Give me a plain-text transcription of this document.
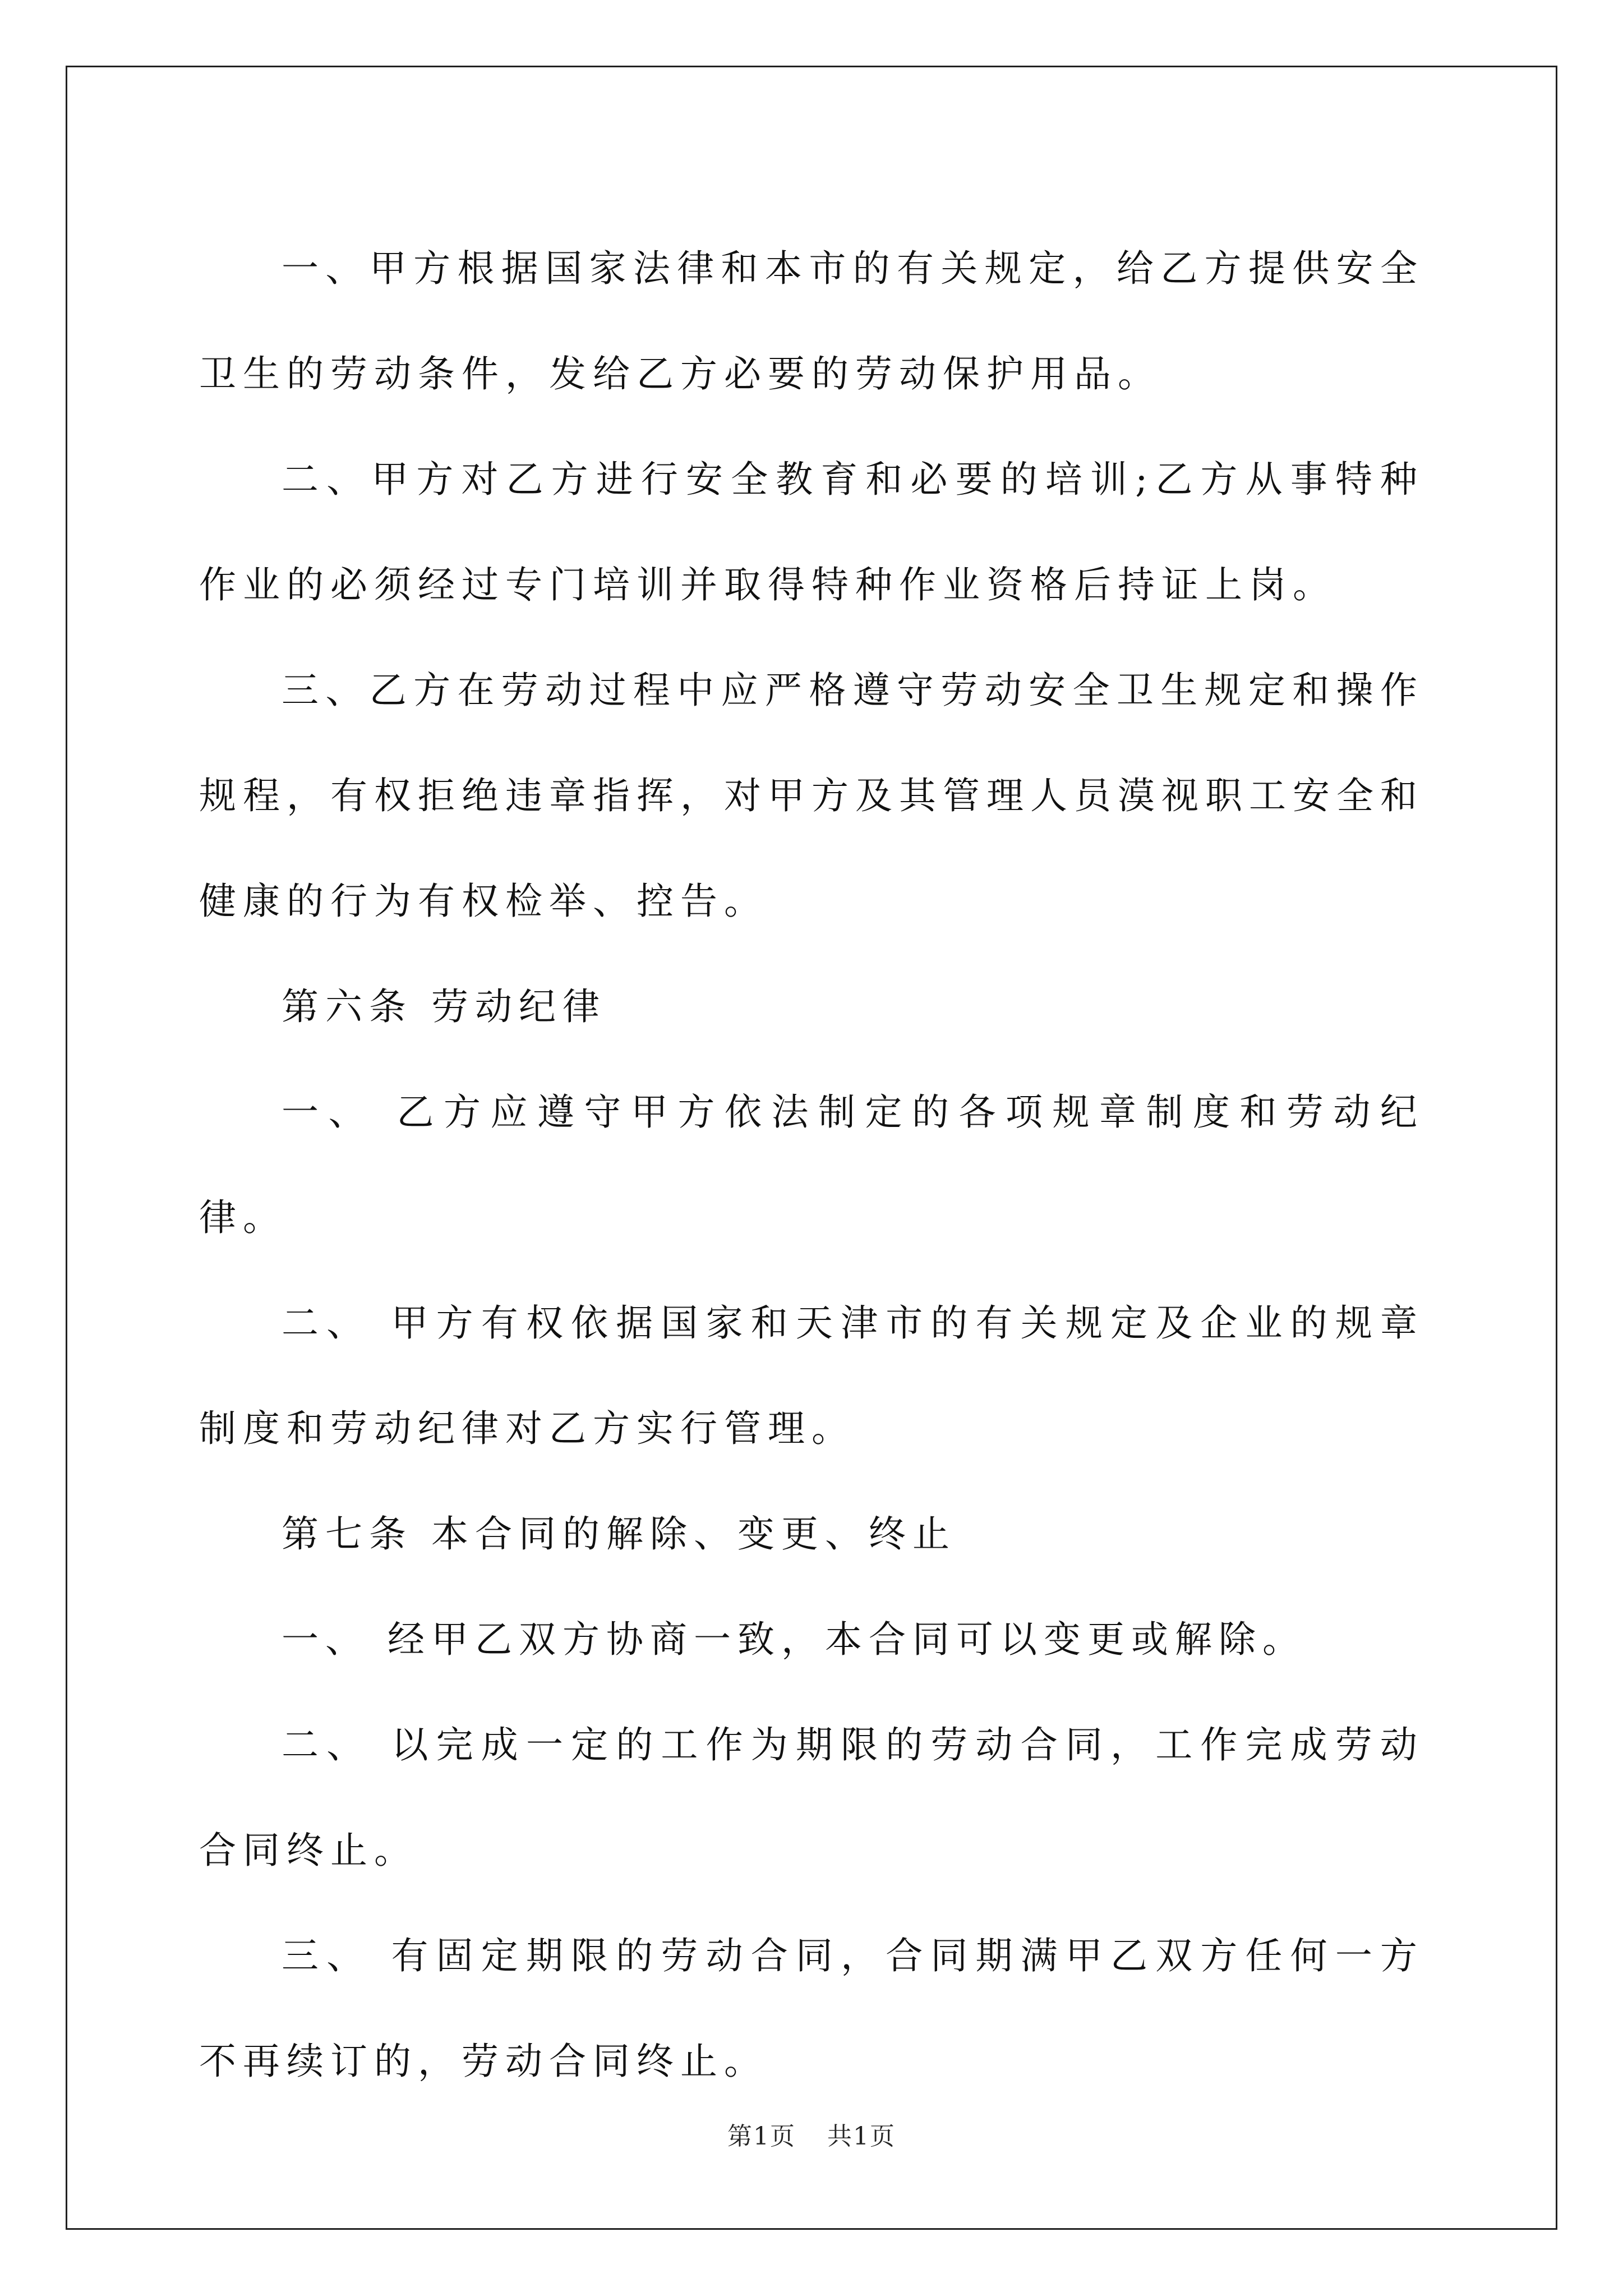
一、甲方根据国家法律和本市的有关规定，给乙方提供安全卫生的劳动条件，发给乙方必要的劳动保护用品。

二、甲方对乙方进行安全教育和必要的培训;乙方从事特种作业的必须经过专门培训并取得特种作业资格后持证上岗。

三、乙方在劳动过程中应严格遵守劳动安全卫生规定和操作规程，有权拒绝违章指挥，对甲方及其管理人员漠视职工安全和健康的行为有权检举、控告。

第六条 劳动纪律

一、 乙方应遵守甲方依法制定的各项规章制度和劳动纪律。

二、 甲方有权依据国家和天津市的有关规定及企业的规章制度和劳动纪律对乙方实行管理。

第七条 本合同的解除、变更、终止

一、 经甲乙双方协商一致，本合同可以变更或解除。

二、 以完成一定的工作为期限的劳动合同，工作完成劳动合同终止。

三、 有固定期限的劳动合同，合同期满甲乙双方任何一方不再续订的，劳动合同终止。

第1页 共1页
